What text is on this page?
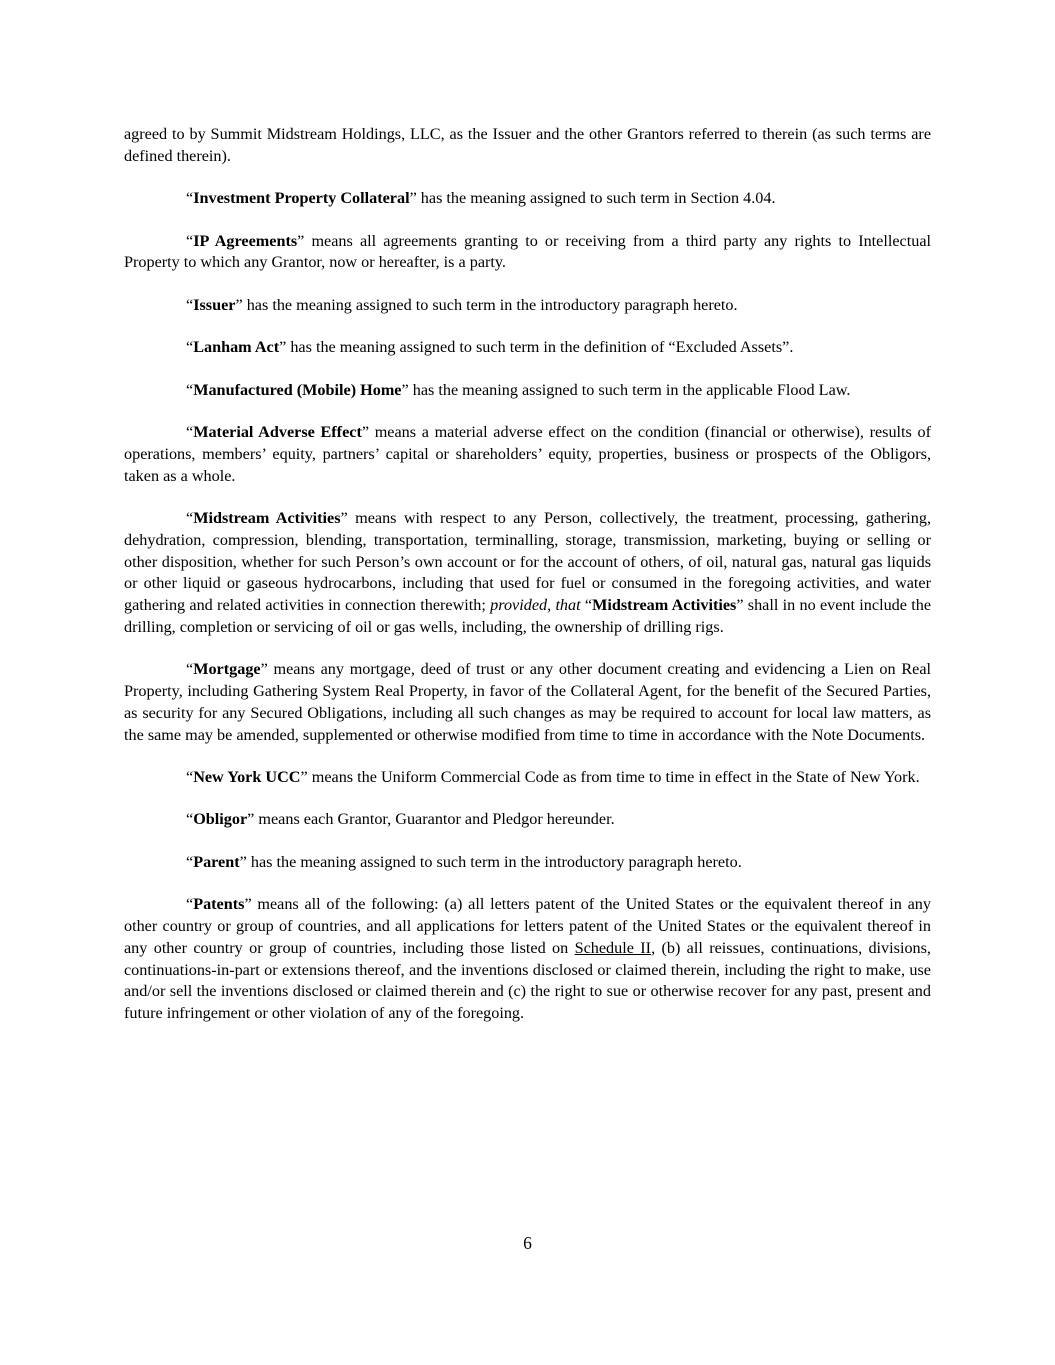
agreed to by Summit Midstream Holdings, LLC, as the Issuer and the other Grantors referred to therein (as such terms are defined therein).

“Investment Property Collateral” has the meaning assigned to such term in Section 4.04.

“IP Agreements” means all agreements granting to or receiving from a third party any rights to Intellectual Property to which any Grantor, now or hereafter, is a party.

“Issuer” has the meaning assigned to such term in the introductory paragraph hereto.

“Lanham Act” has the meaning assigned to such term in the definition of “Excluded Assets”.

“Manufactured (Mobile) Home” has the meaning assigned to such term in the applicable Flood Law.

“Material Adverse Effect” means a material adverse effect on the condition (financial or otherwise), results of operations, members’ equity, partners’ capital or shareholders’ equity, properties, business or prospects of the Obligors, taken as a whole.

“Midstream Activities” means with respect to any Person, collectively, the treatment, processing, gathering, dehydration, compression, blending, transportation, terminalling, storage, transmission, marketing, buying or selling or other disposition, whether for such Person’s own account or for the account of others, of oil, natural gas, natural gas liquids or other liquid or gaseous hydrocarbons, including that used for fuel or consumed in the foregoing activities, and water gathering and related activities in connection therewith; provided, that “Midstream Activities” shall in no event include the drilling, completion or servicing of oil or gas wells, including, the ownership of drilling rigs.

“Mortgage” means any mortgage, deed of trust or any other document creating and evidencing a Lien on Real Property, including Gathering System Real Property, in favor of the Collateral Agent, for the benefit of the Secured Parties, as security for any Secured Obligations, including all such changes as may be required to account for local law matters, as the same may be amended, supplemented or otherwise modified from time to time in accordance with the Note Documents.

“New York UCC” means the Uniform Commercial Code as from time to time in effect in the State of New York.

“Obligor” means each Grantor, Guarantor and Pledgor hereunder.

“Parent” has the meaning assigned to such term in the introductory paragraph hereto.

“Patents” means all of the following: (a) all letters patent of the United States or the equivalent thereof in any other country or group of countries, and all applications for letters patent of the United States or the equivalent thereof in any other country or group of countries, including those listed on Schedule II, (b) all reissues, continuations, divisions, continuations-in-part or extensions thereof, and the inventions disclosed or claimed therein, including the right to make, use and/or sell the inventions disclosed or claimed therein and (c) the right to sue or otherwise recover for any past, present and future infringement or other violation of any of the foregoing.

6
